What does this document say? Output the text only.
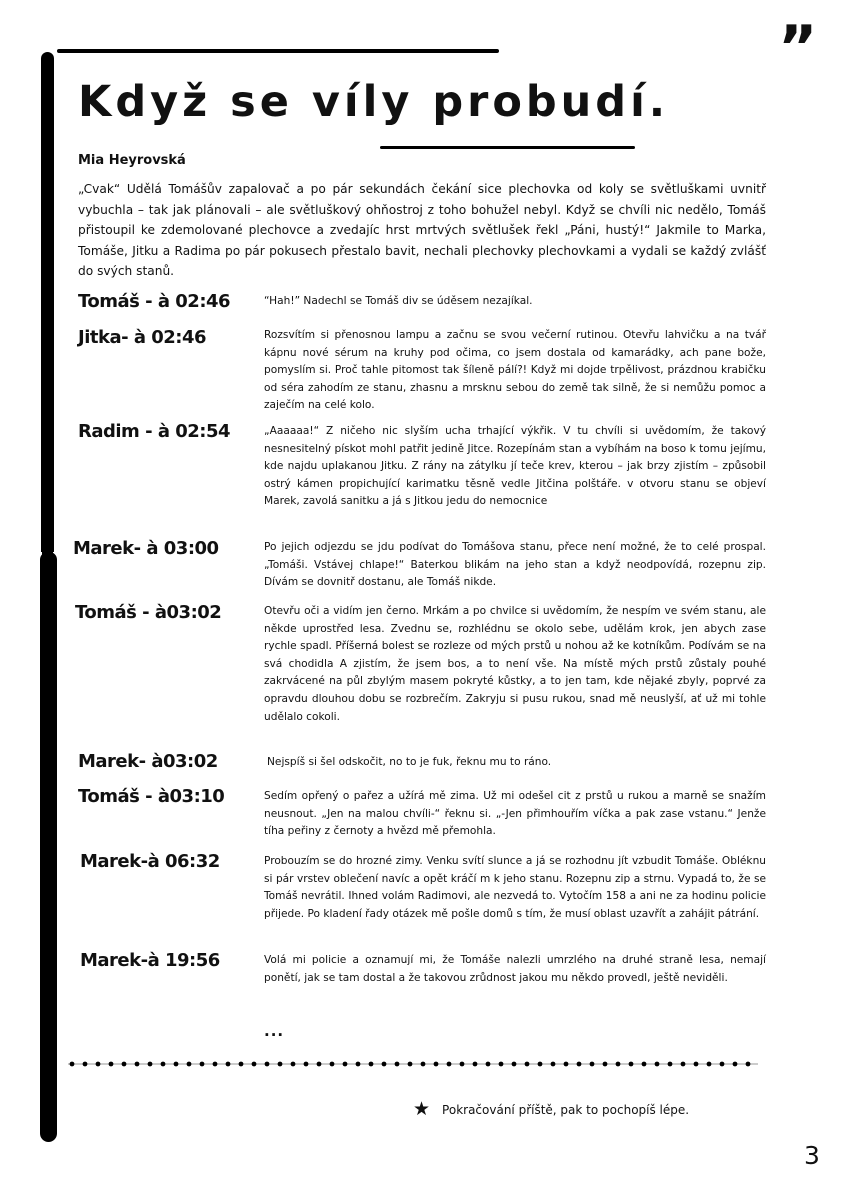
”
Když se víly probudí.
Mia Heyrovská

„Cvak“ Udělá Tomášův zapalovač a po pár sekundách čekání sice plechovka od koly se světluškami uvnitř vybuchla – tak jak plánovali – ale světluškový ohňostroj z toho bohužel nebyl. Když se chvíli nic nedělo, Tomáš přistoupil ke zdemolované plechovce a zvedajíc hrst mrtvých světlušek řekl „Páni, hustý!“ Jakmile to Marka, Tomáše, Jitku a Radima po pár pokusech přestalo bavit, nechali plechovky plechovkami a vydali se každý zvlášť do svých stanů.

Tomáš - à 02:46	“Hah!” Nadechl se Tomáš div se úděsem nezajíkal.

Jitka- à 02:46	Rozsvítím si přenosnou lampu a začnu se svou večerní rutinou. Otevřu lahvičku a na tvář kápnu nové sérum na kruhy pod očima, co jsem dostala od kamarádky, ach pane bože, pomyslím si. Proč tahle pitomost tak šíleně pálí?! Když mi dojde trpělivost, prázdnou krabičku od séra zahodím ze stanu, zhasnu a mrsknu sebou do země tak silně, že si nemůžu pomoc a zaječím na celé kolo.

Radim - à 02:54	„Aaaaaa!“ Z ničeho nic slyším ucha trhající výkřik. V tu chvíli si uvědomím, že takový nesnesitelný pískot mohl patřit jedině Jitce. Rozepínám stan a vybíhám na boso k tomu jejímu, kde najdu uplakanou Jitku. Z rány na zátylku jí teče krev, kterou – jak brzy zjistím – způsobil ostrý kámen propichující karimatku těsně vedle Jitčina polštáře. v otvoru stanu se objeví Marek, zavolá sanitku a já s Jitkou jedu do nemocnice

Marek- à 03:00	Po jejich odjezdu se jdu podívat do Tomášova stanu, přece není možné, že to celé prospal. „Tomáši. Vstávej chlape!“ Baterkou blikám na jeho stan a když neodpovídá, rozepnu zip. Dívám se dovnitř dostanu, ale Tomáš nikde.

Tomáš - à03:02	Otevřu oči a vidím jen černo. Mrkám a po chvilce si uvědomím, že nespím ve svém stanu, ale někde uprostřed lesa. Zvednu se, rozhlédnu se okolo sebe, udělám krok, jen abych zase rychle spadl. Příšerná bolest se rozleze od mých prstů u nohou až ke kotníkům. Podívám se na svá chodidla A zjistím, že jsem bos, a to není vše. Na místě mých prstů zůstaly pouhé zakrvácené na půl zbylým masem pokryté kůstky, a to jen tam, kde nějaké zbyly, poprvé za opravdu dlouhou dobu se rozbrečím. Zakryju si pusu rukou, snad mě neuslyší, ať už mi tohle udělalo cokoli.

Marek- à03:02	Nejspíš si šel odskočit, no to je fuk, řeknu mu to ráno.

Tomáš - à03:10	Sedím opřený o pařez a užírá mě zima. Už mi odešel cit z prstů u rukou a marně se snažím neusnout. „Jen na malou chvíli-“ řeknu si. „-Jen přimhouřím víčka a pak zase vstanu.“ Jenže tíha peřiny z černoty a hvězd mě přemohla.

Marek-à 06:32	Probouzím se do hrozné zimy. Venku svítí slunce a já se rozhodnu jít vzbudit Tomáše. Obléknu si pár vrstev oblečení navíc a opět kráčí m k jeho stanu. Rozepnu zip a strnu. Vypadá to, že se Tomáš nevrátil. Ihned volám Radimovi, ale nezvedá to. Vytočím 158 a ani ne za hodinu policie přijede. Po kladení řady otázek mě pošle domů s tím, že musí oblast uzavřít a zahájit pátrání.

Marek-à 19:56	Volá mi policie a oznamují mi, že Tomáše nalezli umrzlého na druhé straně lesa, nemají ponětí, jak se tam dostal a že takovou zrůdnost jakou mu někdo provedl, ještě neviděli.

...
★ Pokračování příště, pak to pochopíš lépe.
3
